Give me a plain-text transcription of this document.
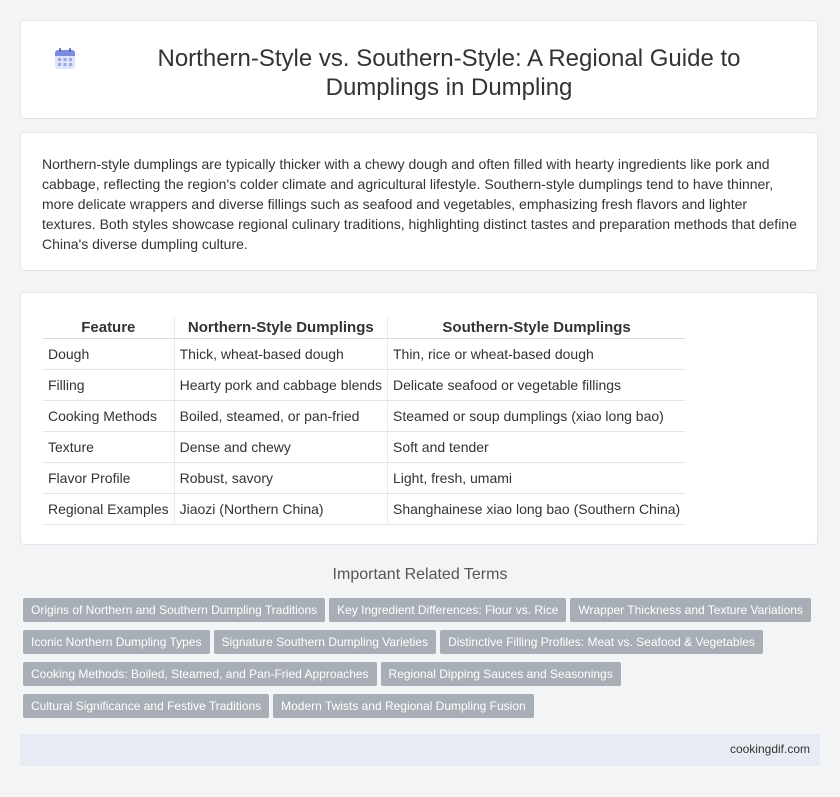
Northern-Style vs. Southern-Style: A Regional Guide to Dumplings in Dumpling

Northern-style dumplings are typically thicker with a chewy dough and often filled with hearty ingredients like pork and cabbage, reflecting the region's colder climate and agricultural lifestyle. Southern-style dumplings tend to have thinner, more delicate wrappers and diverse fillings such as seafood and vegetables, emphasizing fresh flavors and lighter textures. Both styles showcase regional culinary traditions, highlighting distinct tastes and preparation methods that define China's diverse dumpling culture.

Feature	Northern-Style Dumplings	Southern-Style Dumplings
Dough	Thick, wheat-based dough	Thin, rice or wheat-based dough
Filling	Hearty pork and cabbage blends	Delicate seafood or vegetable fillings
Cooking Methods	Boiled, steamed, or pan-fried	Steamed or soup dumplings (xiao long bao)
Texture	Dense and chewy	Soft and tender
Flavor Profile	Robust, savory	Light, fresh, umami
Regional Examples	Jiaozi (Northern China)	Shanghainese xiao long bao (Southern China)
Important Related Terms
Origins of Northern and Southern Dumpling Traditions Key Ingredient Differences: Flour vs. Rice Wrapper Thickness and Texture Variations
Iconic Northern Dumpling Types Signature Southern Dumpling Varieties Distinctive Filling Profiles: Meat vs. Seafood & Vegetables
Cooking Methods: Boiled, Steamed, and Pan-Fried Approaches Regional Dipping Sauces and Seasonings
Cultural Significance and Festive Traditions Modern Twists and Regional Dumpling Fusion
cookingdif.com
